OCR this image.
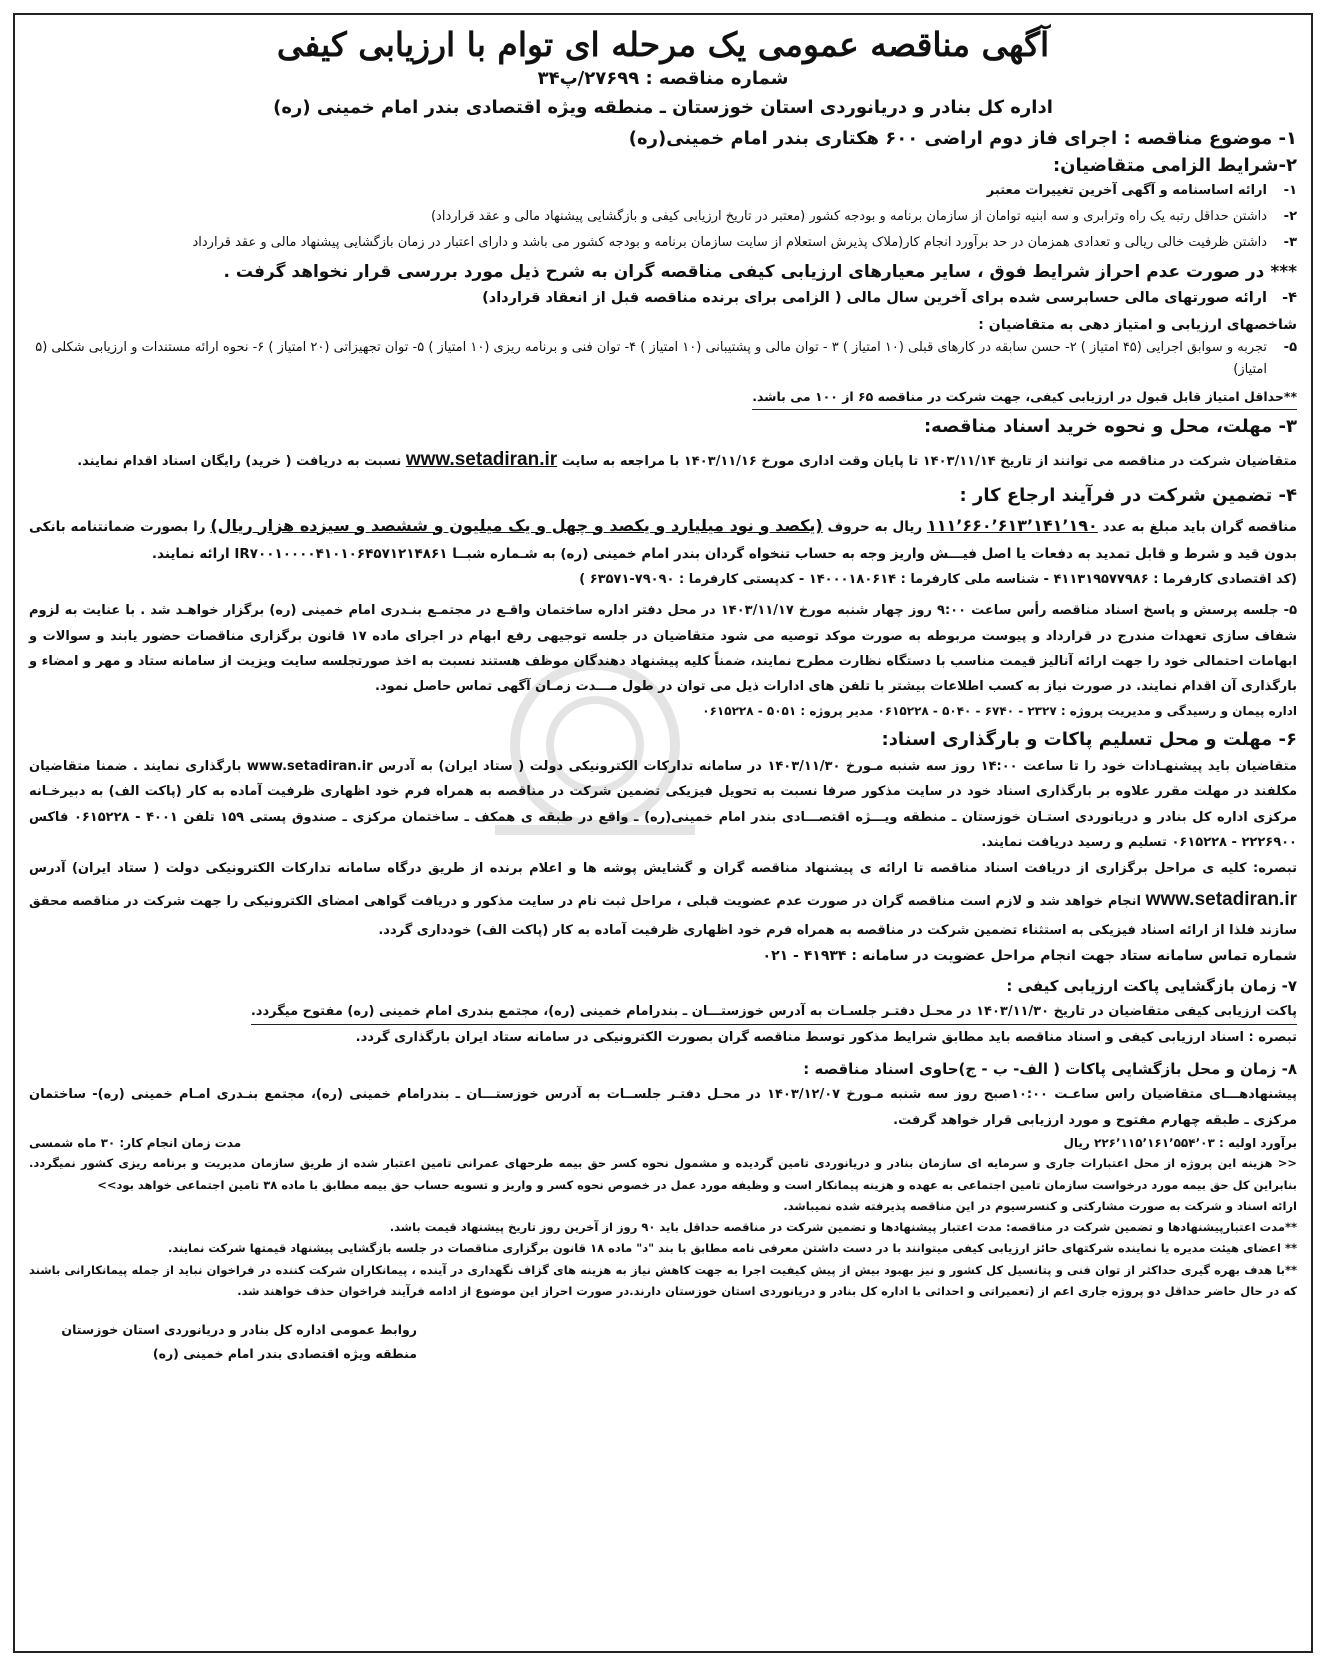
آگهی مناقصه عمومی یک مرحله ای توام با ارزیابی کیفی
شماره مناقصه : ۲۷۶۹۹/پ۳۴
اداره کل بنادر و دریانوردی استان خوزستان ـ منطقه ویژه اقتصادی بندر امام خمینی (ره)
۱- موضوع مناقصه : اجرای فاز دوم اراضی ۶۰۰ هکتاری بندر امام خمینی(ره)
۲-شرایط الزامی متقاضیان:
۱-
ارائه اساسنامه و آگهی آخرین تغییرات معتبر
۲-
داشتن حداقل رتبه یک راه وترابری و سه ابنیه توامان از سازمان برنامه و بودجه کشور (معتبر در تاریخ ارزیابی کیفی و بازگشایی پیشنهاد مالی و عقد قرارداد)
۳-
داشتن ظرفیت خالی ریالی و تعدادی همزمان در حد برآورد انجام کار(ملاک پذیرش استعلام از سایت سازمان برنامه و بودجه کشور می باشد و دارای اعتبار در زمان بازگشایی پیشنهاد مالی و عقد قرارداد
*** در صورت عدم احراز شرایط فوق ، سایر معیارهای ارزیابی کیفی مناقصه گران به شرح ذیل مورد بررسی قرار نخواهد گرفت .
۴-
ارائه صورتهای مالی حسابرسی شده برای آخرین سال مالی ( الزامی برای برنده مناقصه قبل از انعقاد قرارداد)
شاخصهای ارزیابی و امتیاز دهی به متقاضیان :
۵-
تجربه و سوابق اجرایی (۴۵ امتیاز ) ۲- حسن سابقه در کارهای قبلی (۱۰ امتیاز ) ۳ - توان مالی و پشتیبانی (۱۰ امتیاز ) ۴- توان فنی و برنامه ریزی (۱۰ امتیاز ) ۵- توان تجهیزاتی (۲۰ امتیاز ) ۶- نحوه ارائه مستندات و ارزیابی شکلی (۵ امتیاز)
**حداقل امتیاز قابل قبول در ارزیابی کیفی، جهت شرکت در مناقصه ۶۵ از ۱۰۰ می باشد.
۳- مهلت، محل و نحوه خرید اسناد مناقصه:

متقاضیان شرکت در مناقصه می توانند از تاریخ ۱۴۰۳/۱۱/۱۴ تا پایان وقت اداری مورخ ۱۴۰۳/۱۱/۱۶ با مراجعه به سایت www.setadiran.ir نسبت به دریافت ( خرید) رایگان اسناد اقدام نمایند.

۴- تضمین شرکت در فرآیند ارجاع کار :

مناقصه گران باید مبلغ به عدد ۱۱۱٬۶۶۰٬۶۱۳٬۱۴۱٬۱۹۰ ریال به حروف (یکصد و نود میلیارد و یکصد و چهل و یک میلیون و ششصد و سیزده هزار ریال) را بصورت ضمانتنامه بانکی بدون قید و شرط و قابل تمدید به دفعات یا اصل فیـــش واریز وجه به حساب تنخواه گردان بندر امام خمینی (ره) به شـماره شبــا IR۷۰۰۱۰۰۰۰۴۱۰۱۰۶۴۵۷۱۲۱۴۸۶۱ ارائه نمایند.

(کد اقتصادی کارفرما : ۴۱۱۳۱۹۵۷۷۹۸۶ - شناسه ملی کارفرما : ۱۴۰۰۰۱۸۰۶۱۴ - کدپستی کارفرما : ۷۹۰۹۰-۶۳۵۷۱ )

۵- جلسه پرسش و پاسخ اسناد مناقصه رأس ساعت ۹:۰۰ روز چهار شنبه مورخ ۱۴۰۳/۱۱/۱۷ در محل دفتر اداره ساختمان واقـع در مجتمـع بنـدری امام خمینی (ره) برگزار خواهـد شد . با عنایت به لزوم شفاف سازی تعهدات مندرج در قرارداد و پیوست مربوطه به صورت موکد توصیه می شود متقاضیان در جلسه توجیهی رفع ابهام در اجرای ماده ۱۷ قانون برگزاری مناقصات حضور یابند و سوالات و ابهامات احتمالی خود را جهت ارائه آنالیز قیمت مناسب با دستگاه نظارت مطرح نمایند، ضمناً کلیه پیشنهاد دهندگان موظف هستند نسبت به اخذ صورتجلسه سایت ویزیت از سامانه ستاد و مهر و امضاء و بارگذاری آن اقدام نمایند. در صورت نیاز به کسب اطلاعات بیشتر با تلفن های ادارات ذیل می توان در طول مـــدت زمـان آگهی تماس حاصل نمود.

اداره پیمان و رسیدگی و مدیریت پروژه : ۲۳۲۷ - ۶۷۴۰ - ۵۰۴۰ - ۰۶۱۵۲۲۸ مدیر پروژه : ۵۰۵۱ - ۰۶۱۵۲۲۸

۶- مهلت و محل تسلیم پاکات و بارگذاری اسناد:

متقاضیان باید پیشنهـادات خود را تا ساعت ۱۴:۰۰ روز سه شنبه مـورخ ۱۴۰۳/۱۱/۳۰ در سامانه تدارکات الکترونیکی دولت ( ستاد ایران) به آدرس www.setadiran.ir بارگذاری نمایند . ضمنا متقاضیان مکلفند در مهلت مقرر علاوه بر بارگذاری اسناد خود در سایت مذکور صرفا نسبت به تحویل فیزیکی تضمین شرکت در مناقصه به همراه فرم خود اظهاری ظرفیت آماده به کار (پاکت الف) به دبیرخـانه مرکزی اداره کل بنادر و دریانوردی استـان خوزستان ـ منطقه ویـــژه اقتصـــادی بندر امام خمینی(ره) ـ واقع در طبقه ی همکف ـ ساختمان مرکزی ـ صندوق پستی ۱۵۹ تلفن ۴۰۰۱ - ۰۶۱۵۲۲۸ فاکس ۲۲۲۶۹۰۰ - ۰۶۱۵۲۲۸ تسلیم و رسید دریافت نمایند.

تبصره: کلیه ی مراحل برگزاری از دریافت اسناد مناقصه تا ارائه ی پیشنهاد مناقصه گران و گشایش پوشه ها و اعلام برنده از طریق درگاه سامانه تدارکات الکترونیکی دولت ( ستاد ایران) آدرس www.setadiran.ir انجام خواهد شد و لازم است مناقصه گران در صورت عدم عضویت قبلی ، مراحل ثبت نام در سایت مذکور و دریافت گواهی امضای الکترونیکی را جهت شرکت در مناقصه محقق سازند فلذا از ارائه اسناد فیزیکی به استثناء تضمین شرکت در مناقصه به همراه فرم خود اظهاری ظرفیت آماده به کار (پاکت الف) خودداری گردد.

شماره تماس سامانه ستاد جهت انجام مراحل عضویت در سامانه : ۴۱۹۳۴ - ۰۲۱

۷- زمان بازگشایی پاکت ارزیابی کیفی :

پاکت ارزیابی کیفی متقاضیان در تاریخ ۱۴۰۳/۱۱/۳۰ در محـل دفتـر جلسـات به آدرس خوزستـــان ـ بندرامام خمینی (ره)، مجتمع بندری امام خمینی (ره) مفتوح میگردد.

تبصره : اسناد ارزیابی کیفی و اسناد مناقصه باید مطابق شرایط مذکور توسط مناقصه گران بصورت الکترونیکی در سامانه ستاد ایران بارگذاری گردد.

۸- زمان و محل بازگشایی پاکات ( الف- ب - ج)حاوی اسناد مناقصه :

پیشنهادهـــای متقاضیان راس ساعـت ۱۰:۰۰صبح روز سه شنبه مـورخ ۱۴۰۳/۱۲/۰۷ در محـل دفتـر جلســات به آدرس خوزستـــان ـ بندرامام خمینی (ره)، مجتمع بنـدری امـام خمینی (ره)- ساختمان مرکزی ـ طبقه چهارم مفتوح و مورد ارزیابی قرار خواهد گرفت.

برآورد اولیه : ۲۲۶٬۱۱۵٬۱۶۱٬۵۵۴٬۰۳ ریال
مدت زمان انجام کار: ۳۰ ماه شمسی

<< هزینه این پروژه از محل اعتبارات جاری و سرمایه ای سازمان بنادر و دریانوردی تامین گردیده و مشمول نحوه کسر حق بیمه طرحهای عمرانی تامین اعتبار شده از طریق سازمان مدیریت و برنامه ریزی کشور نمیگردد. بنابراین کل حق بیمه مورد درخواست سازمان تامین اجتماعی به عهده و هزینه پیمانکار است و وظیفه مورد عمل در خصوص نحوه کسر و واریز و تسویه حساب حق بیمه مطابق با ماده ۳۸ تامین اجتماعی خواهد بود>>

ارائه اسناد و شرکت به صورت مشارکتی و کنسرسیوم در این مناقصه پذیرفته شده نمیباشد.

**مدت اعتبارپیشنهادها و تضمین شرکت در مناقصه: مدت اعتبار پیشنهادها و تضمین شرکت در مناقصه حداقل باید ۹۰ روز از آخرین روز تاریخ پیشنهاد قیمت باشد.

** اعضای هیئت مدیره یا نماینده شرکتهای حائز ارزیابی کیفی میتوانند با در دست داشتن معرفی نامه مطابق با بند "د" ماده ۱۸ قانون برگزاری مناقصات در جلسه بازگشایی پیشنهاد قیمتها شرکت نمایند.

**با هدف بهره گیری حداکثر از توان فنی و پتانسیل کل کشور و نیز بهبود بیش از پیش کیفیت اجرا به جهت کاهش نیاز به هزینه های گزاف نگهداری در آینده ، پیمانکاران شرکت کننده در فراخوان نباید از جمله پیمانکارانی باشند که در حال حاضر حداقل دو پروژه جاری اعم از (تعمیراتی و احداثی با اداره کل بنادر و دریانوردی استان خوزستان دارند.در صورت احراز این موضوع از ادامه فرآیند فراخوان حذف خواهند شد.

روابط عمومی اداره کل بنادر و دریانوردی استان خوزستان
منطقه ویژه اقتصادی بندر امام خمینی (ره)
